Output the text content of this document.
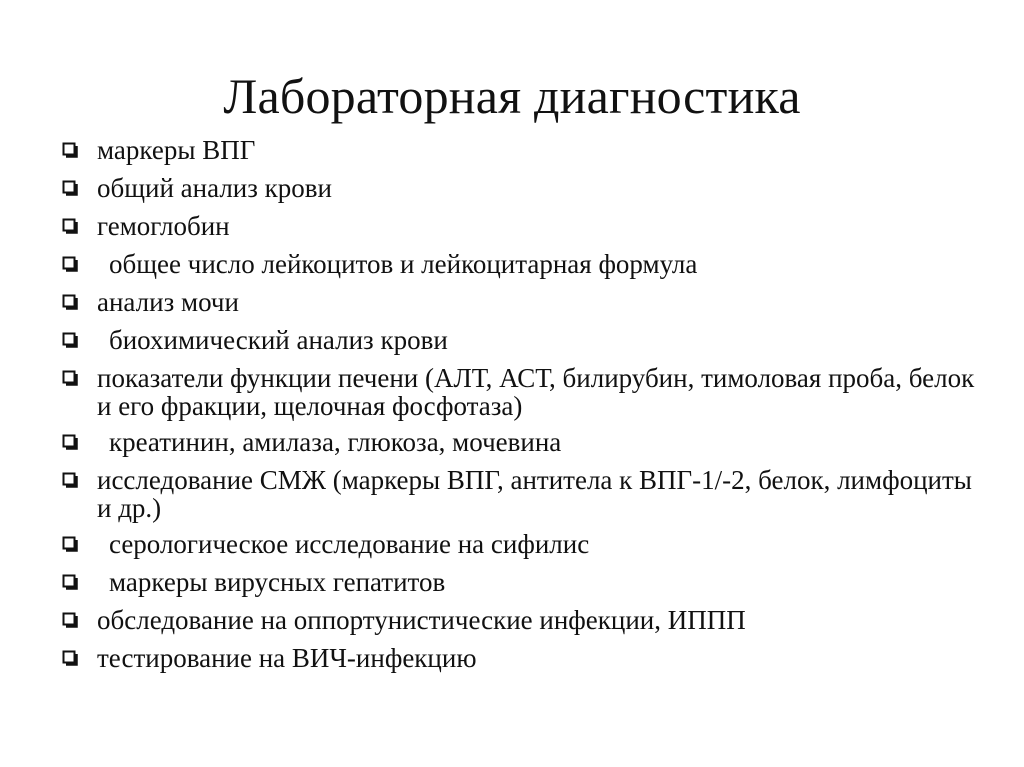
Лабораторная диагностика
маркеры ВПГ
общий анализ крови
гемоглобин
общее число лейкоцитов и лейкоцитарная формула
анализ мочи
биохимический анализ крови
показатели функции печени (АЛТ, АСТ, билирубин, тимоловая проба, белок и его фракции, щелочная фосфотаза)
креатинин, амилаза, глюкоза, мочевина
исследование СМЖ (маркеры ВПГ, антитела к ВПГ-1/-2, белок, лимфоциты и др.)
серологическое исследование на сифилис
маркеры вирусных гепатитов
обследование на оппортунистические инфекции, ИППП
тестирование на ВИЧ-инфекцию
